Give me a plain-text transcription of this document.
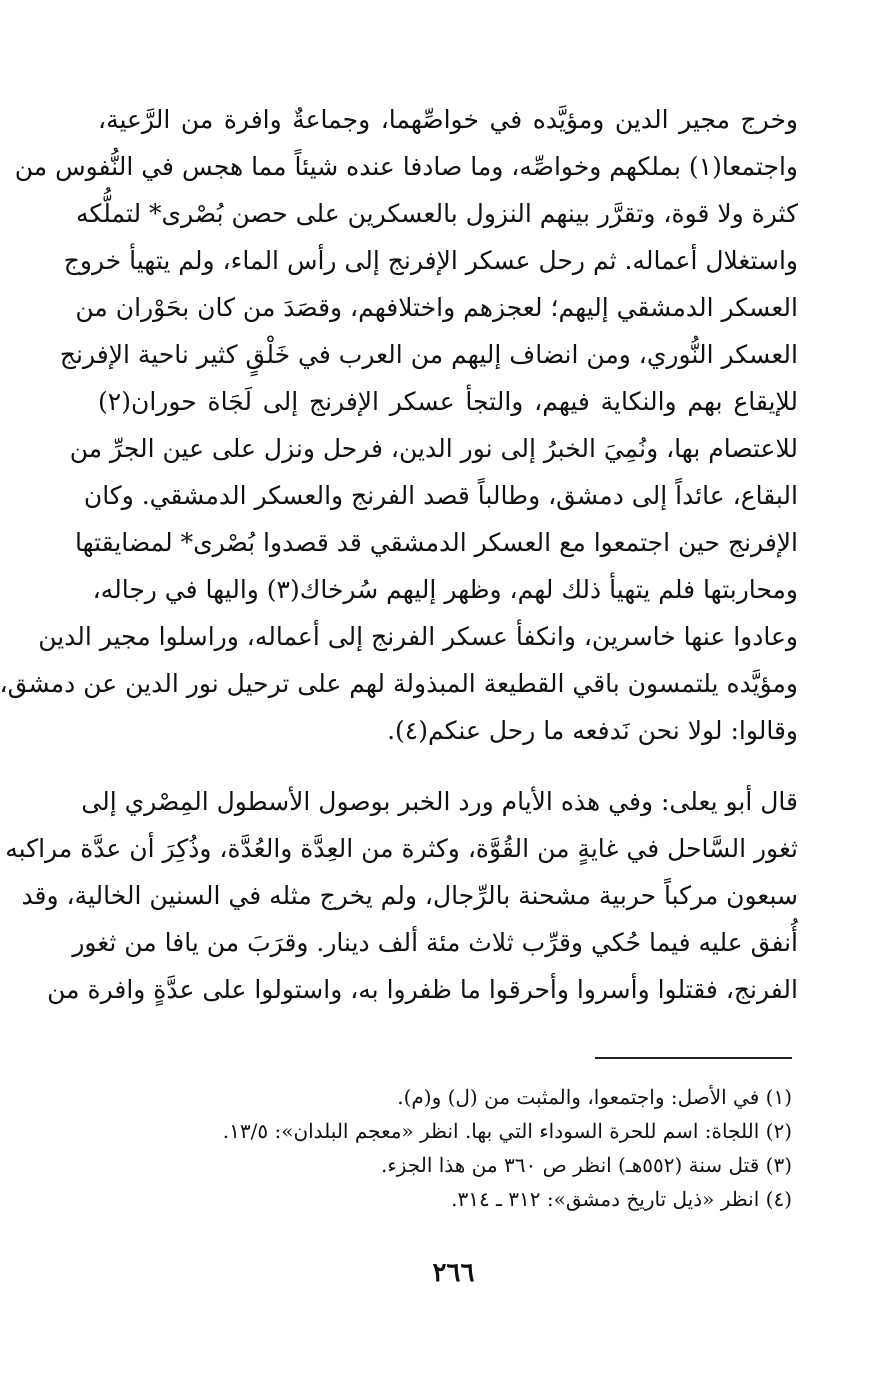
وخرج مجير الدين ومؤيَّده في خواصِّهما، وجماعةٌ وافرة من الرَّعية،
واجتمعا(١) بملكهم وخواصِّه، وما صادفا عنده شيئاً مما هجس في النُّفوس من
كثرة ولا قوة، وتقرَّر بينهم النزول بالعسكرين على حصن بُصْرى* لتملُّكه
واستغلال أعماله. ثم رحل عسكر الإفرنج إلى رأس الماء، ولم يتهيأ خروج
العسكر الدمشقي إليهم؛ لعجزهم واختلافهم، وقصَدَ من كان بحَوْران من
العسكر النُّوري، ومن انضاف إليهم من العرب في خَلْقٍ كثير ناحية الإفرنج
للإيقاع بهم والنكاية فيهم، والتجأ عسكر الإفرنج إلى لَجَاة حوران(٢)
للاعتصام بها، ونُمِيَ الخبرُ إلى نور الدين، فرحل ونزل على عين الجرِّ من
البقاع، عائداً إلى دمشق، وطالباً قصد الفرنج والعسكر الدمشقي. وكان
الإفرنج حين اجتمعوا مع العسكر الدمشقي قد قصدوا بُصْرى* لمضايقتها
ومحاربتها فلم يتهيأ ذلك لهم، وظهر إليهم سُرخاك(٣) واليها في رجاله،
وعادوا عنها خاسرين، وانكفأ عسكر الفرنج إلى أعماله، وراسلوا مجير الدين
ومؤيَّده يلتمسون باقي القطيعة المبذولة لهم على ترحيل نور الدين عن دمشق،
وقالوا: لولا نحن نَدفعه ما رحل عنكم(٤).
قال أبو يعلى: وفي هذه الأيام ورد الخبر بوصول الأسطول المِصْري إلى
ثغور السَّاحل في غايةٍ من القُوَّة، وكثرة من العِدَّة والعُدَّة، وذُكِرَ أن عدَّة مراكبه
سبعون مركباً حربية مشحنة بالرِّجال، ولم يخرج مثله في السنين الخالية، وقد
أُنفق عليه فيما حُكي وقرِّب ثلاث مئة ألف دينار. وقرَبَ من يافا من ثغور
الفرنج، فقتلوا وأسروا وأحرقوا ما ظفروا به، واستولوا على عدَّةٍ وافرة من
(١) في الأصل: واجتمعوا، والمثبت من (ل) و(م).
(٢) اللجاة: اسم للحرة السوداء التي بها. انظر «معجم البلدان»: ١٣/٥.
(٣) قتل سنة (٥٥٢هـ) انظر ص ٣٦٠ من هذا الجزء.
(٤) انظر «ذيل تاريخ دمشق»: ٣١٢ ـ ٣١٤.
٢٦٦
